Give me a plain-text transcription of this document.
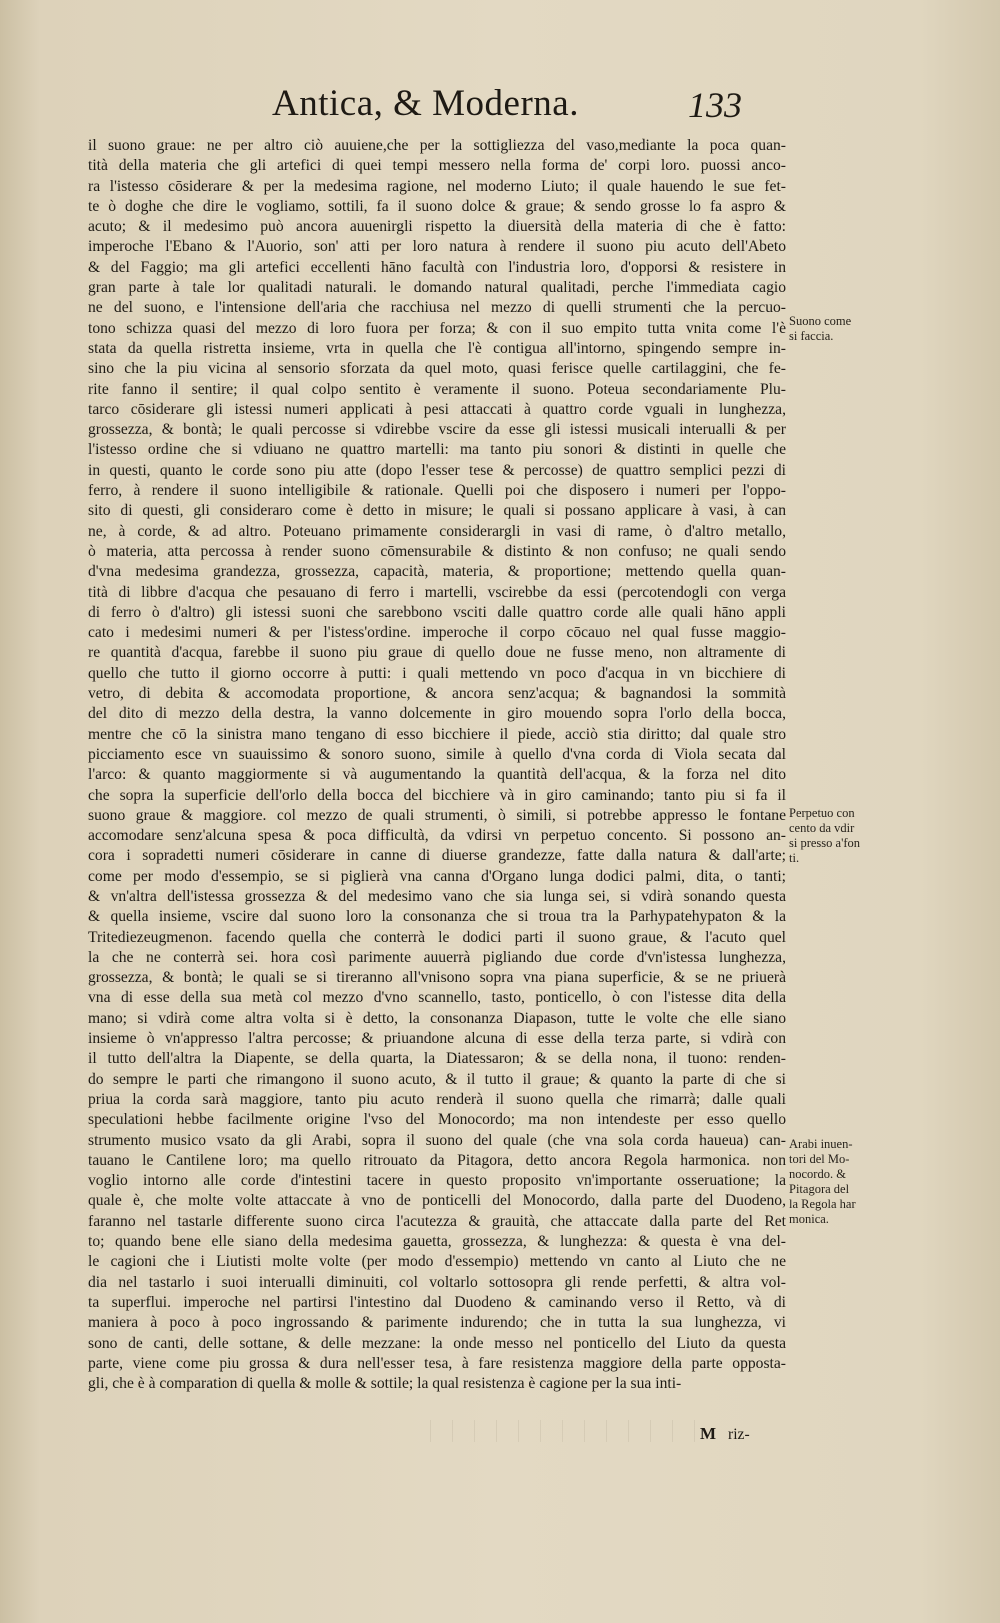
Antica, & Moderna.	133
il suono graue: ne per altro ciò auuiene,che per la sottigliezza del vaso,mediante la poca quan-
tità della materia che gli artefici di quei tempi messero nella forma de' corpi loro. puossi anco-
ra l'istesso cōsiderare & per la medesima ragione, nel moderno Liuto; il quale hauendo le sue fet-
te ò doghe che dire le vogliamo, sottili, fa il suono dolce & graue; & sendo grosse lo fa aspro &
acuto; & il medesimo può ancora auuenirgli rispetto la diuersità della materia di che è fatto:
imperoche l'Ebano & l'Auorio, son' atti per loro natura à rendere il suono piu acuto dell'Abeto
& del Faggio; ma gli artefici eccellenti hāno facultà con l'industria loro, d'opporsi & resistere in
gran parte à tale lor qualitadi naturali. le domando natural qualitadi, perche l'immediata cagio
ne del suono, e l'intensione dell'aria che racchiusa nel mezzo di quelli strumenti che la percuo-
tono schizza quasi del mezzo di loro fuora per forza; & con il suo empito tutta vnita come l'è
stata da quella ristretta insieme, vrta in quella che l'è contigua all'intorno, spingendo sempre in-
sino che la piu vicina al sensorio sforzata da quel moto, quasi ferisce quelle cartilaggini, che fe-
rite fanno il sentire; il qual colpo sentito è veramente il suono. Poteua secondariamente Plu-
tarco cōsiderare gli istessi numeri applicati à pesi attaccati à quattro corde vguali in lunghezza,
grossezza, & bontà; le quali percosse si vdirebbe vscire da esse gli istessi musicali interualli & per
l'istesso ordine che si vdiuano ne quattro martelli: ma tanto piu sonori & distinti in quelle che
in questi, quanto le corde sono piu atte (dopo l'esser tese & percosse) de quattro semplici pezzi di
ferro, à rendere il suono intelligibile & rationale. Quelli poi che disposero i numeri per l'oppo-
sito di questi, gli consideraro come è detto in misure; le quali si possano applicare à vasi, à can
ne, à corde, & ad altro. Poteuano primamente considerargli in vasi di rame, ò d'altro metallo,
ò materia, atta percossa à render suono cōmensurabile & distinto & non confuso; ne quali sendo
d'vna medesima grandezza, grossezza, capacità, materia, & proportione; mettendo quella quan-
tità di libbre d'acqua che pesauano di ferro i martelli, vscirebbe da essi (percotendogli con verga
di ferro ò d'altro) gli istessi suoni che sarebbono vsciti dalle quattro corde alle quali hāno appli
cato i medesimi numeri & per l'istess'ordine. imperoche il corpo cōcauo nel qual fusse maggio-
re quantità d'acqua, farebbe il suono piu graue di quello doue ne fusse meno, non altramente di
quello che tutto il giorno occorre à putti: i quali mettendo vn poco d'acqua in vn bicchiere di
vetro, di debita & accomodata proportione, & ancora senz'acqua; & bagnandosi la sommità
del dito di mezzo della destra, la vanno dolcemente in giro mouendo sopra l'orlo della bocca,
mentre che cō la sinistra mano tengano di esso bicchiere il piede, acciò stia diritto; dal quale stro
picciamento esce vn suauissimo & sonoro suono, simile à quello d'vna corda di Viola secata dal
l'arco: & quanto maggiormente si và augumentando la quantità dell'acqua, & la forza nel dito
che sopra la superficie dell'orlo della bocca del bicchiere và in giro caminando; tanto piu si fa il
suono graue & maggiore. col mezzo de quali strumenti, ò simili, si potrebbe appresso le fontane
accomodare senz'alcuna spesa & poca difficultà, da vdirsi vn perpetuo concento. Si possono an-
cora i sopradetti numeri cōsiderare in canne di diuerse grandezze, fatte dalla natura & dall'arte;
come per modo d'essempio, se si piglierà vna canna d'Organo lunga dodici palmi, dita, o tanti;
& vn'altra dell'istessa grossezza & del medesimo vano che sia lunga sei, si vdirà sonando questa
& quella insieme, vscire dal suono loro la consonanza che si troua tra la Parhypatehypaton & la
Tritediezeugmenon. facendo quella che conterrà le dodici parti il suono graue, & l'acuto quel
la che ne conterrà sei. hora così parimente auuerrà pigliando due corde d'vn'istessa lunghezza,
grossezza, & bontà; le quali se si tireranno all'vnisono sopra vna piana superficie, & se ne priuerà
vna di esse della sua metà col mezzo d'vno scannello, tasto, ponticello, ò con l'istesse dita della
mano; si vdirà come altra volta si è detto, la consonanza Diapason, tutte le volte che elle siano
insieme ò vn'appresso l'altra percosse; & priuandone alcuna di esse della terza parte, si vdirà con
il tutto dell'altra la Diapente, se della quarta, la Diatessaron; & se della nona, il tuono: renden-
do sempre le parti che rimangono il suono acuto, & il tutto il graue; & quanto la parte di che si
priua la corda sarà maggiore, tanto piu acuto renderà il suono quella che rimarrà; dalle quali
speculationi hebbe facilmente origine l'vso del Monocordo; ma non intendeste per esso quello
strumento musico vsato da gli Arabi, sopra il suono del quale (che vna sola corda haueua) can-
tauano le Cantilene loro; ma quello ritrouato da Pitagora, detto ancora Regola harmonica. non
voglio intorno alle corde d'intestini tacere in questo proposito vn'importante osseruatione; la
quale è, che molte volte attaccate à vno de ponticelli del Monocordo, dalla parte del Duodeno,
faranno nel tastarle differente suono circa l'acutezza & grauità, che attaccate dalla parte del Ret
to; quando bene elle siano della medesima gauetta, grossezza, & lunghezza: & questa è vna del-
le cagioni che i Liutisti molte volte (per modo d'essempio) mettendo vn canto al Liuto che ne
dia nel tastarlo i suoi interualli diminuiti, col voltarlo sottosopra gli rende perfetti, & altra vol-
ta superflui. imperoche nel partirsi l'intestino dal Duodeno & caminando verso il Retto, và di
maniera à poco à poco ingrossando & parimente indurendo; che in tutta la sua lunghezza, vi
sono de canti, delle sottane, & delle mezzane: la onde messo nel ponticello del Liuto da questa
parte, viene come piu grossa & dura nell'esser tesa, à fare resistenza maggiore della parte opposta-
gli, che è à comparation di quella & molle & sottile; la qual resistenza è cagione per la sua inti-
Suono come
si faccia.
Perpetuo con
cento da vdir
si presso a'fon
ti.
Arabi inuen-
tori del Mo-
nocordo. &
Pitagora del
la Regola har
monica.
M riz-
